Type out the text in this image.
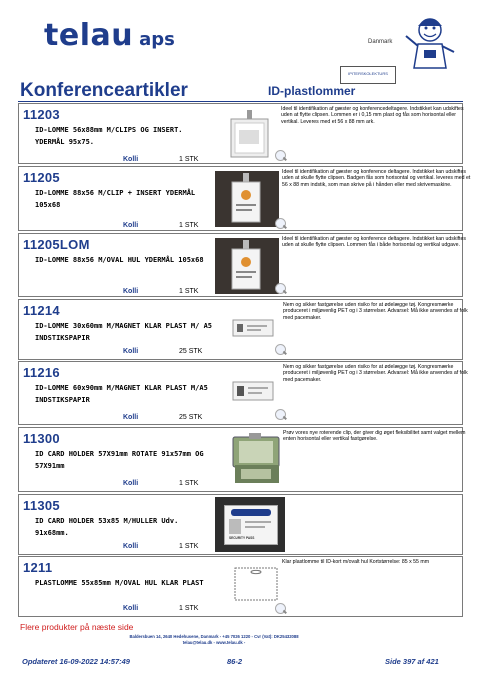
telau aps	Danmark
IPITERSKOLEKTURS
Konferenceartikler	ID-plastlommer
11203
ID-LOMME 56x88mm M/CLIPS OG INSERT. YDERMÅL 95x75.
Kolli	1 STK
Ideel til identifikation af gæster og konferencedeltagere. Indstikket kan udskiftes uden at flytte clipsen. Lommen er i 0,15 mm plast og fås som horisontal eller vertikal. Leveres med et 56 x 88 mm ark.
11205
ID-LOMME 88x56 M/CLIP + INSERT YDERMÅL 105x68
Kolli	1 STK
Ideel til identifikation af gæster og konference deltagere. Indstikket kan udskiftes uden at skulle flytte clipsen. Badgen fås som horisontal og vertikal. leveres med et 56 x 88 mm indstik, som man skrive på i hånden eller med skrivemaskine.
11205LOM
ID-LOMME 88x56 M/OVAL HUL YDERMÅL 105x68
Kolli	1 STK
Ideel til identifikation af gæster og konference deltagere. Indstikket kan udskiftes uden at skulle flytte clipsen. Lommen fås i både horisontal og vertikal udgave.
11214
ID-LOMME 30x60mm M/MAGNET KLAR PLAST M/ A5 INDSTIKSPAPIR
Kolli	25 STK
Nem og sikker fastgørelse uden risiko for at ødelægge tøj. Kongresmærke produceret i miljøvenlig PET og i 3 størrelser. Advarsel: Må ikke anvendes af folk med pacemaker.
11216
ID-LOMME 60x90mm M/MAGNET KLAR PLAST M/A5 INDSTIKSPAPIR
Kolli	25 STK
Nem og sikker fastgørelse uden risiko for at ødelægge tøj. Kongresmærke produceret i miljøvenlig PET og i 3 størrelser. Advarsel: Må ikke anvendes af folk med pacemaker.
11300
ID CARD HOLDER 57X91mm ROTATE 91x57mm OG 57X91mm
Kolli	1 STK
Prøv vores nye roterende clip, der giver dig øget fleksibilitet samt valget mellem enten horisontal eller vertikal fastgørelse.
11305
ID CARD HOLDER 53x85 M/HULLER Udv. 91x68mm.
Kolli	1 STK
SECURITY PASS
1211
PLASTLOMME 55x85mm M/OVAL HUL KLAR PLAST
Kolli	1 STK
Klar plastlomme til ID-kort m/ovalt hul Kortstørrelse: 85 x 55 mm
Flere produkter på næste side
Baldersbuen 14, 2640 Hedehusene, Danmark - +45 7026 1220 - Cvr (Vat): DK25432088
telau@telau.dk - www.telau.dk -
Opdateret 16-09-2022 14:57:49	86-2	Side 397 af 421
